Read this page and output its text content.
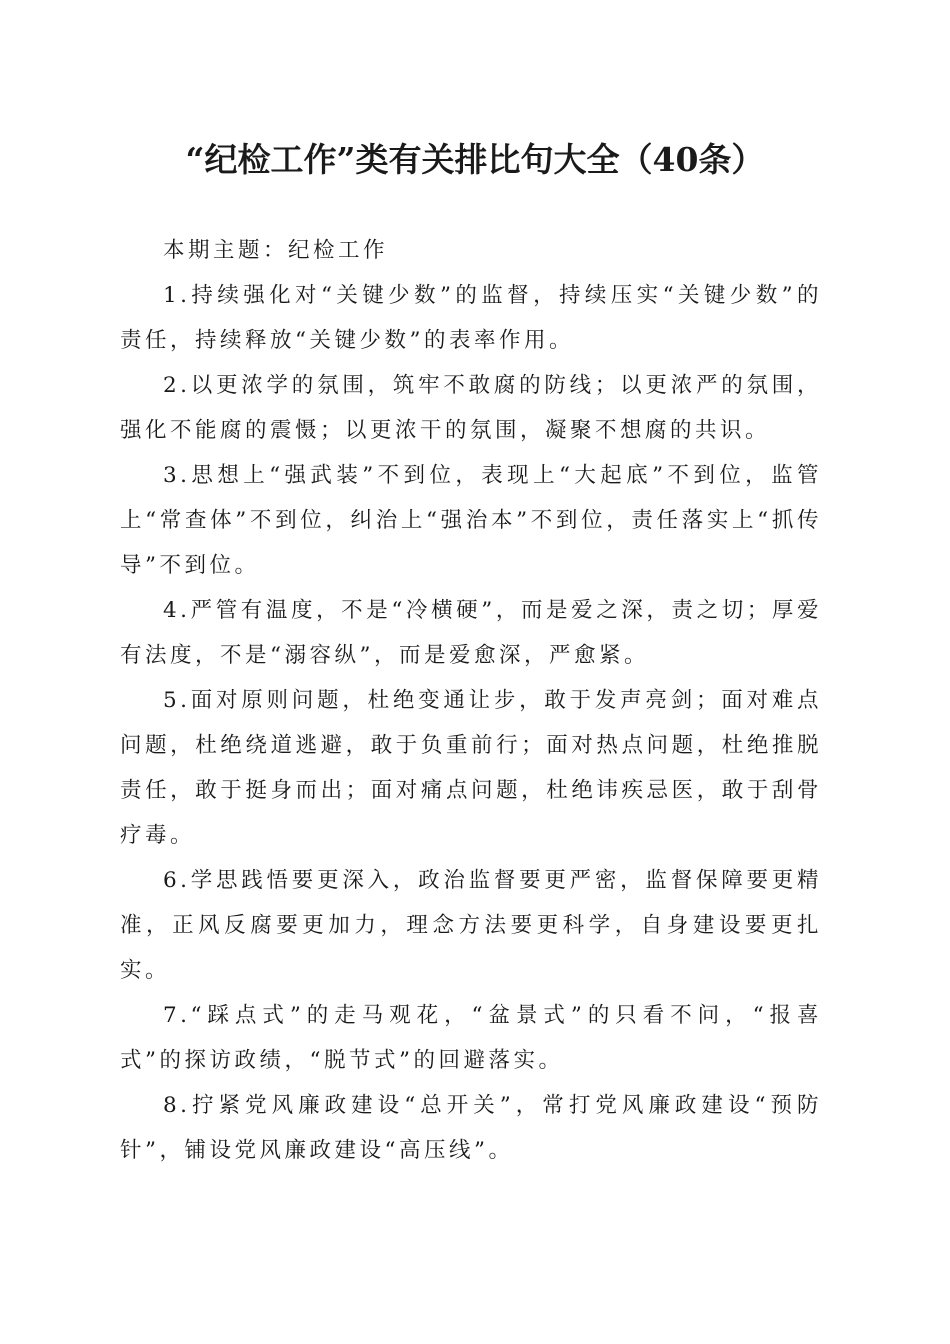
“纪检工作”类有关排比句大全（40条）

本期主题：纪检工作

1.持续强化对“关键少数”的监督，持续压实“关键少数”的责任，持续释放“关键少数”的表率作用。

2.以更浓学的氛围，筑牢不敢腐的防线；以更浓严的氛围，强化不能腐的震慑；以更浓干的氛围，凝聚不想腐的共识。

3.思想上“强武装”不到位，表现上“大起底”不到位，监管上“常查体”不到位，纠治上“强治本”不到位，责任落实上“抓传导”不到位。

4.严管有温度，不是“冷横硬”，而是爱之深，责之切；厚爱有法度，不是“溺容纵”，而是爱愈深，严愈紧。

5.面对原则问题，杜绝变通让步，敢于发声亮剑；面对难点问题，杜绝绕道逃避，敢于负重前行；面对热点问题，杜绝推脱责任，敢于挺身而出；面对痛点问题，杜绝讳疾忌医，敢于刮骨疗毒。

6.学思践悟要更深入，政治监督要更严密，监督保障要更精准，正风反腐要更加力，理念方法要更科学，自身建设要更扎实。

7.“踩点式”的走马观花，“盆景式”的只看不问，“报喜式”的探访政绩，“脱节式”的回避落实。

8.拧紧党风廉政建设“总开关”，常打党风廉政建设“预防针”，铺设党风廉政建设“高压线”。
